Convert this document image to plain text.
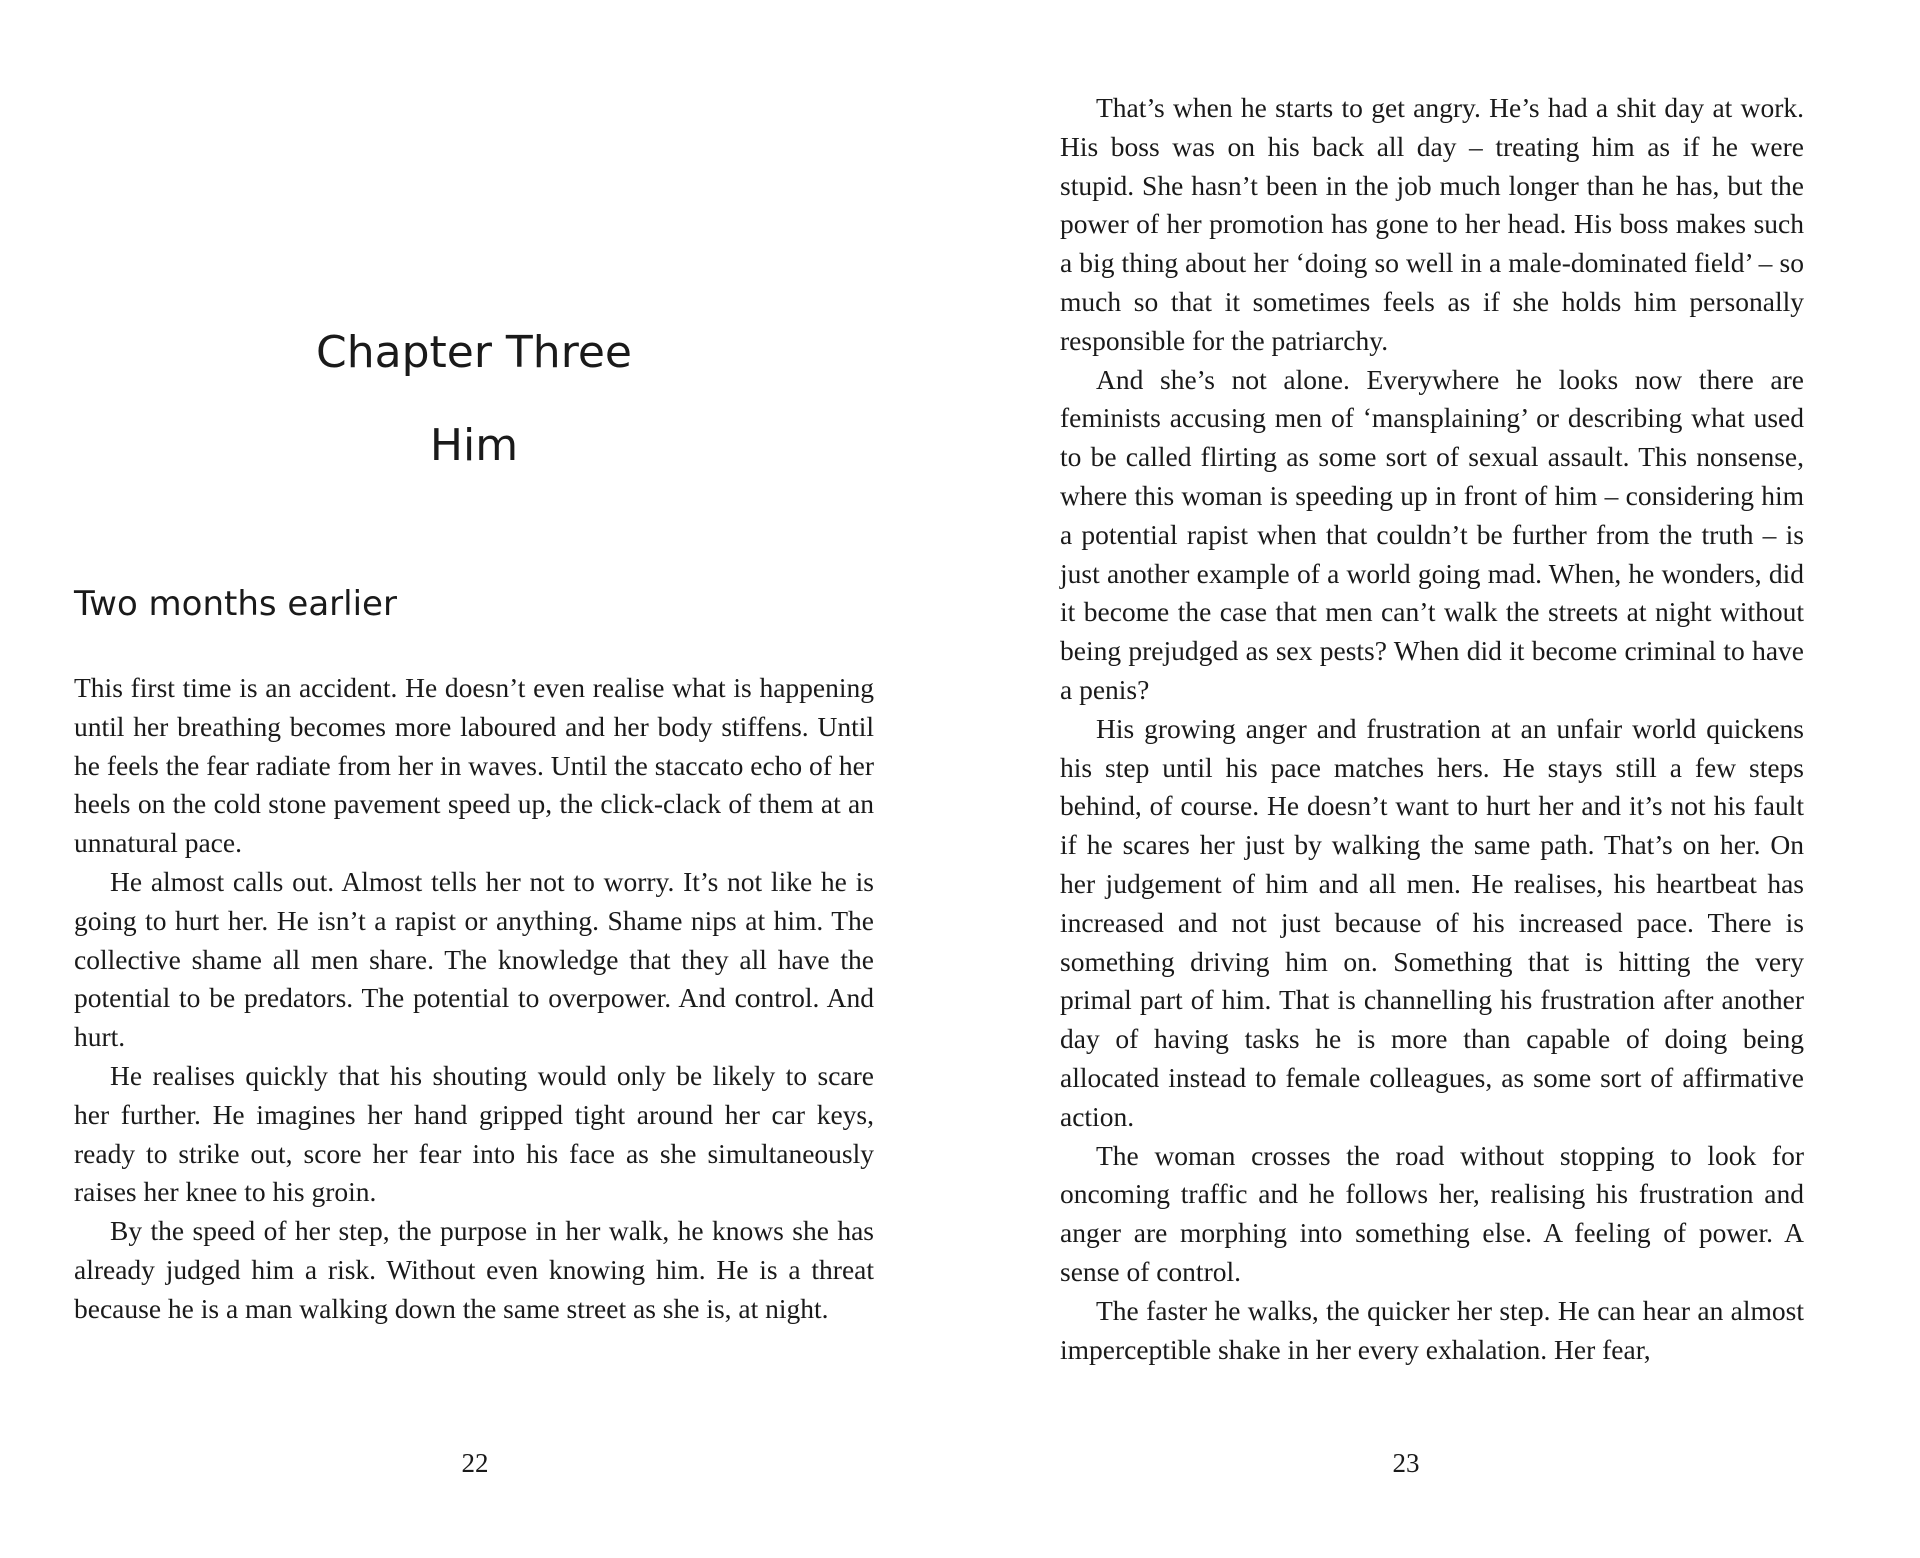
Chapter Three
Him
Two months earlier

This first time is an accident. He doesn’t even realise what is happening until her breathing becomes more laboured and her body stiffens. Until he feels the fear radiate from her in waves. Until the staccato echo of her heels on the cold stone pavement speed up, the click-clack of them at an unnatural pace.

He almost calls out. Almost tells her not to worry. It’s not like he is going to hurt her. He isn’t a rapist or anything. Shame nips at him. The collective shame all men share. The knowledge that they all have the potential to be predators. The potential to overpower. And control. And hurt.

He realises quickly that his shouting would only be likely to scare her further. He imagines her hand gripped tight around her car keys, ready to strike out, score her fear into his face as she simultaneously raises her knee to his groin.

By the speed of her step, the purpose in her walk, he knows she has already judged him a risk. Without even knowing him. He is a threat because he is a man walking down the same street as she is, at night.

22

That’s when he starts to get angry. He’s had a shit day at work. His boss was on his back all day – treating him as if he were stupid. She hasn’t been in the job much longer than he has, but the power of her promotion has gone to her head. His boss makes such a big thing about her ‘doing so well in a male-dominated field’ – so much so that it sometimes feels as if she holds him personally responsible for the patriarchy.

And she’s not alone. Everywhere he looks now there are feminists accusing men of ‘mansplaining’ or describing what used to be called flirting as some sort of sexual assault. This nonsense, where this woman is speeding up in front of him – considering him a potential rapist when that couldn’t be further from the truth – is just another example of a world going mad. When, he wonders, did it become the case that men can’t walk the streets at night without being prejudged as sex pests? When did it become criminal to have a penis?

His growing anger and frustration at an unfair world quickens his step until his pace matches hers. He stays still a few steps behind, of course. He doesn’t want to hurt her and it’s not his fault if he scares her just by walking the same path. That’s on her. On her judgement of him and all men. He realises, his heartbeat has increased and not just because of his increased pace. There is something driving him on. Something that is hitting the very primal part of him. That is channelling his frustration after another day of having tasks he is more than capable of doing being allocated instead to female colleagues, as some sort of affirmative action.

The woman crosses the road without stopping to look for oncoming traffic and he follows her, realising his frustration and anger are morphing into something else. A feeling of power. A sense of control.

The faster he walks, the quicker her step. He can hear an almost imperceptible shake in her every exhalation. Her fear,

23
